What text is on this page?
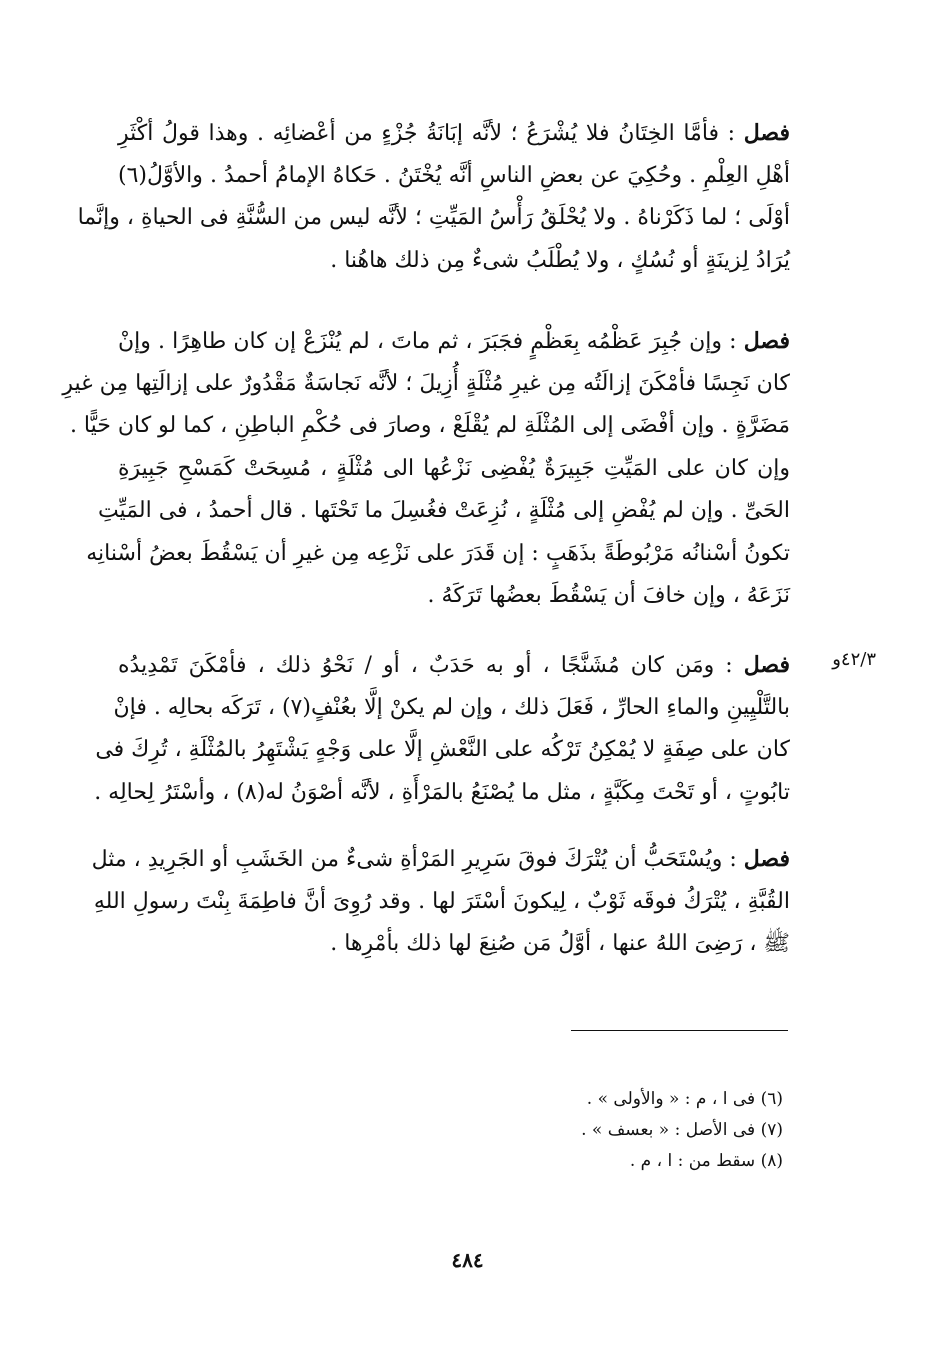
فصل : فأمَّا الخِتَانُ فلا يُشْرَعُ ؛ لأنَّه إبَانَةُ جُزْءٍ من أعْضائِه . وهذا قولُ أكْثَرِ
أهْلِ العِلْمِ . وحُكِيَ عن بعضِ الناسِ أنَّه يُخْتَنُ . حَكاهُ الإمامُ أحمدُ . والأوَّلُ(٦)
أوْلَى ؛ لما ذَكَرْناهُ . ولا يُحْلَقُ رَأْسُ المَيِّتِ ؛ لأنَّه ليس من السُّنَّةِ فى الحياةِ ، وإنَّما
يُرَادُ لِزينَةٍ أو نُسُكٍ ، ولا يُطْلَبُ شىءٌ مِن ذلك هاهُنا .
فصل : وإن جُبِرَ عَظْمُه بِعَظْمٍ فجَبَرَ ، ثم ماتَ ، لم يُنْزَعْ إن كان طاهِرًا . وإنْ
كان نَجِسًا فأمْكَنَ إزالَتُه مِن غيرِ مُثْلَةٍ أُزِيلَ ؛ لأنَّه نَجاسَةٌ مَقْدُورٌ على إزالَتِها مِن غيرِ
مَضَرَّةٍ . وإن أفْضَى إلى المُثْلَةِ لم يُقْلَعْ ، وصارَ فى حُكْمِ الباطِنِ ، كما لو كان حَيًّا .
وإن كان على المَيِّتِ جَبِيرَةٌ يُفْضِى نَزْعُها الى مُثْلَةٍ ، مُسِحَتْ كَمَسْحِ جَبِيرَةِ
الحَىِّ . وإن لم يُفْضِ إلى مُثْلَةٍ ، نُزِعَتْ فغُسِلَ ما تَحْتَها . قال أحمدُ ، فى المَيِّتِ
تكونُ أسْنانُه مَرْبُوطَةً بذَهَبٍ : إن قَدَرَ على نَزْعِه مِن غيرِ أن يَسْقُطَ بعضُ أسْنانِه
نَزَعَهُ ، وإن خافَ أن يَسْقُطَ بعضُها تَرَكَهُ .
٤٢/٣و
فصل : ومَن كان مُشَنَّجًا ، أو به حَدَبٌ ، أو / نَحْوُ ذلك ، فأمْكَنَ تَمْدِيدُه
بالتَّلْيِينِ والماءِ الحارِّ ، فَعَلَ ذلك ، وإن لم يكنْ إلَّا بعُنْفٍ(٧) ، تَرَكَه بحالِه . فإنْ
كان على صِفَةٍ لا يُمْكِنُ تَرْكُه على النَّعْشِ إلَّا على وَجْهٍ يَشْتَهِرُ بالمُثْلَةِ ، تُرِكَ فى
تابُوتٍ ، أو تَحْتَ مِكَبَّةٍ ، مثل ما يُصْنَعُ بالمَرْأَةِ ، لأنَّه أصْوَنُ له(٨) ، وأسْتَرُ لِحالِه .
فصل : ويُسْتَحَبُّ أن يُتْرَكَ فوقَ سَرِيرِ المَرْأةِ شىءٌ من الخَشَبِ أو الجَرِيدِ ، مثل
القُبَّةِ ، يُتْرَكُ فوقَه ثَوْبٌ ، لِيكونَ أسْتَرَ لها . وقد رُوِىَ أنَّ فاطِمَةَ بِنْتَ رسولِ اللهِ
ﷺ ، رَضِىَ اللهُ عنها ، أوَّلُ مَن صُنِعَ لها ذلك بأمْرِها .
(٦) فى ا ، م : « والأولى » .
(٧) فى الأصل : « بعسف » .
(٨) سقط من : ا ، م .
٤٨٤
